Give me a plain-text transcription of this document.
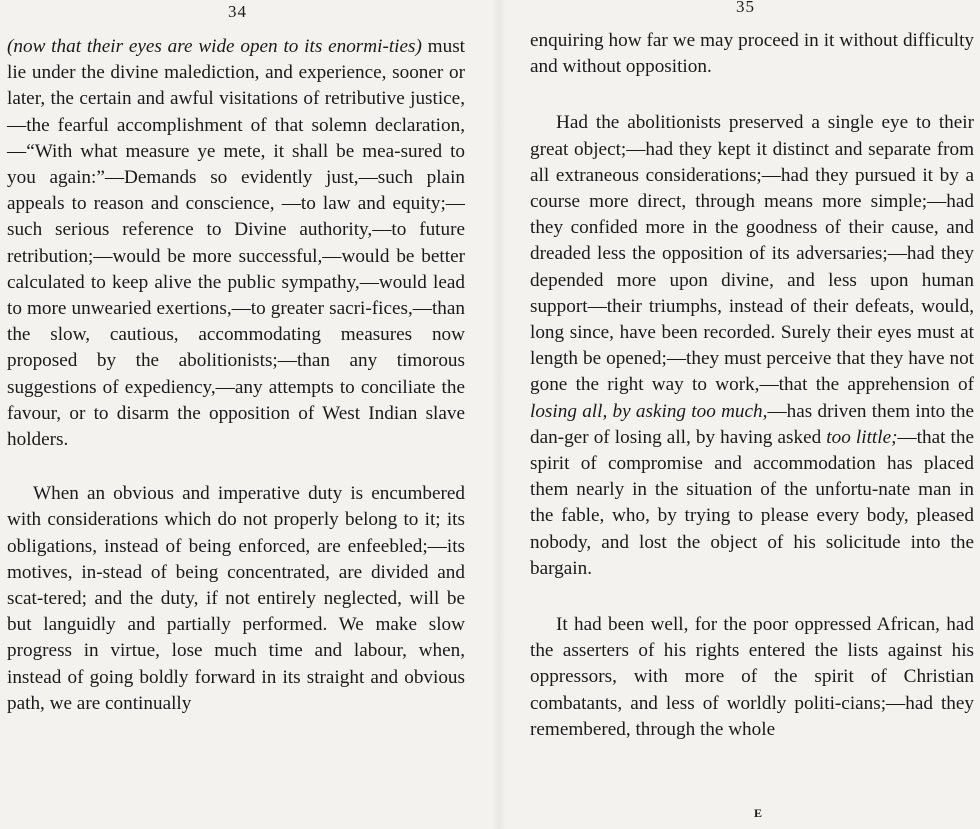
34

(now that their eyes are wide open to its enormi-ties) must lie under the divine malediction, and experience, sooner or later, the certain and awful visitations of retributive justice,—the fearful accomplishment of that solemn declaration,—“With what measure ye mete, it shall be mea-sured to you again:”—Demands so evidently just,—such plain appeals to reason and conscience, —to law and equity;—such serious reference to Divine authority,—to future retribution;—would be more successful,—would be better calculated to keep alive the public sympathy,—would lead to more unwearied exertions,—to greater sacri-fices,—than the slow, cautious, accommodating measures now proposed by the abolitionists;—than any timorous suggestions of expediency,—any attempts to conciliate the favour, or to disarm the opposition of West Indian slave holders.

When an obvious and imperative duty is encumbered with considerations which do not properly belong to it; its obligations, instead of being enforced, are enfeebled;—its motives, in-stead of being concentrated, are divided and scat-tered; and the duty, if not entirely neglected, will be but languidly and partially performed. We make slow progress in virtue, lose much time and labour, when, instead of going boldly forward in its straight and obvious path, we are continually

35

enquiring how far we may proceed in it without difficulty and without opposition.

Had the abolitionists preserved a single eye to their great object;—had they kept it distinct and separate from all extraneous considerations;—had they pursued it by a course more direct, through means more simple;—had they confided more in the goodness of their cause, and dreaded less the opposition of its adversaries;—had they depended more upon divine, and less upon human support—their triumphs, instead of their defeats, would, long since, have been recorded. Surely their eyes must at length be opened;—they must perceive that they have not gone the right way to work,—that the apprehension of losing all, by asking too much,—has driven them into the dan-ger of losing all, by having asked too little;—that the spirit of compromise and accommodation has placed them nearly in the situation of the unfortu-nate man in the fable, who, by trying to please every body, pleased nobody, and lost the object of his solicitude into the bargain.

It had been well, for the poor oppressed African, had the asserters of his rights entered the lists against his oppressors, with more of the spirit of Christian combatants, and less of worldly politi-cians;—had they remembered, through the whole

E
